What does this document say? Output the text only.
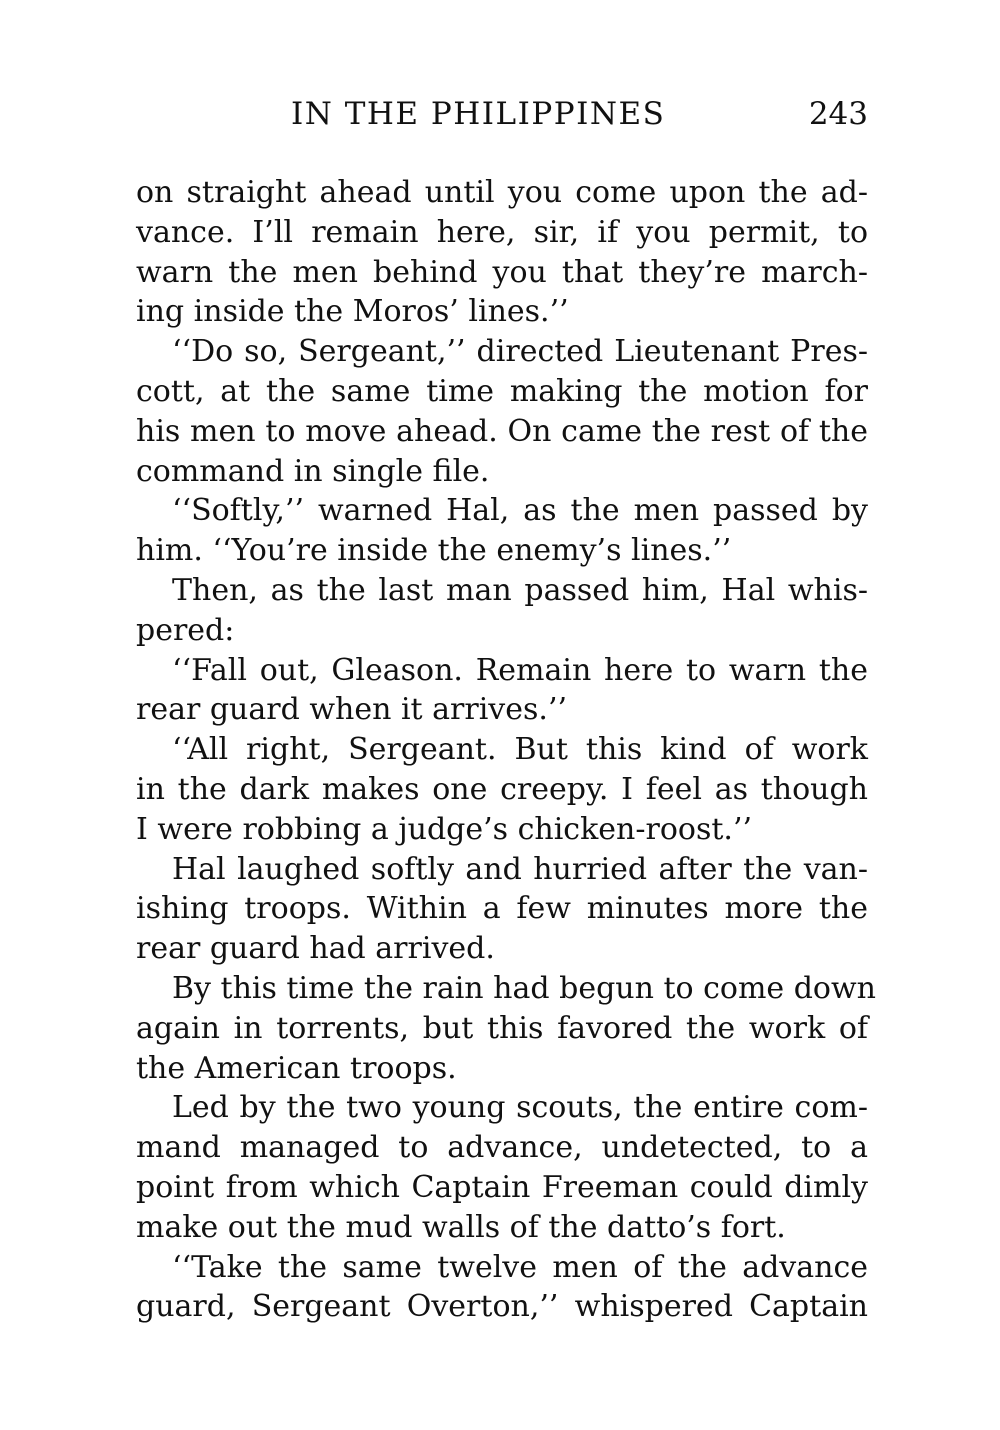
IN THE PHILIPPINES	243
on straight ahead until you come upon the ad-
vance. I’ll remain here, sir, if you permit, to
warn the men behind you that they’re march-
ing inside the Moros’ lines.’’
‘‘Do so, Sergeant,’’ directed Lieutenant Pres-
cott, at the same time making the motion for
his men to move ahead. On came the rest of the
command in single file.
‘‘Softly,’’ warned Hal, as the men passed by
him. ‘‘You’re inside the enemy’s lines.’’
Then, as the last man passed him, Hal whis-
pered:
‘‘Fall out, Gleason. Remain here to warn the
rear guard when it arrives.’’
‘‘All right, Sergeant. But this kind of work
in the dark makes one creepy. I feel as though
I were robbing a judge’s chicken-roost.’’
Hal laughed softly and hurried after the van-
ishing troops. Within a few minutes more the
rear guard had arrived.
By this time the rain had begun to come down
again in torrents, but this favored the work of
the American troops.
Led by the two young scouts, the entire com-
mand managed to advance, undetected, to a
point from which Captain Freeman could dimly
make out the mud walls of the datto’s fort.
‘‘Take the same twelve men of the advance
guard, Sergeant Overton,’’ whispered Captain
